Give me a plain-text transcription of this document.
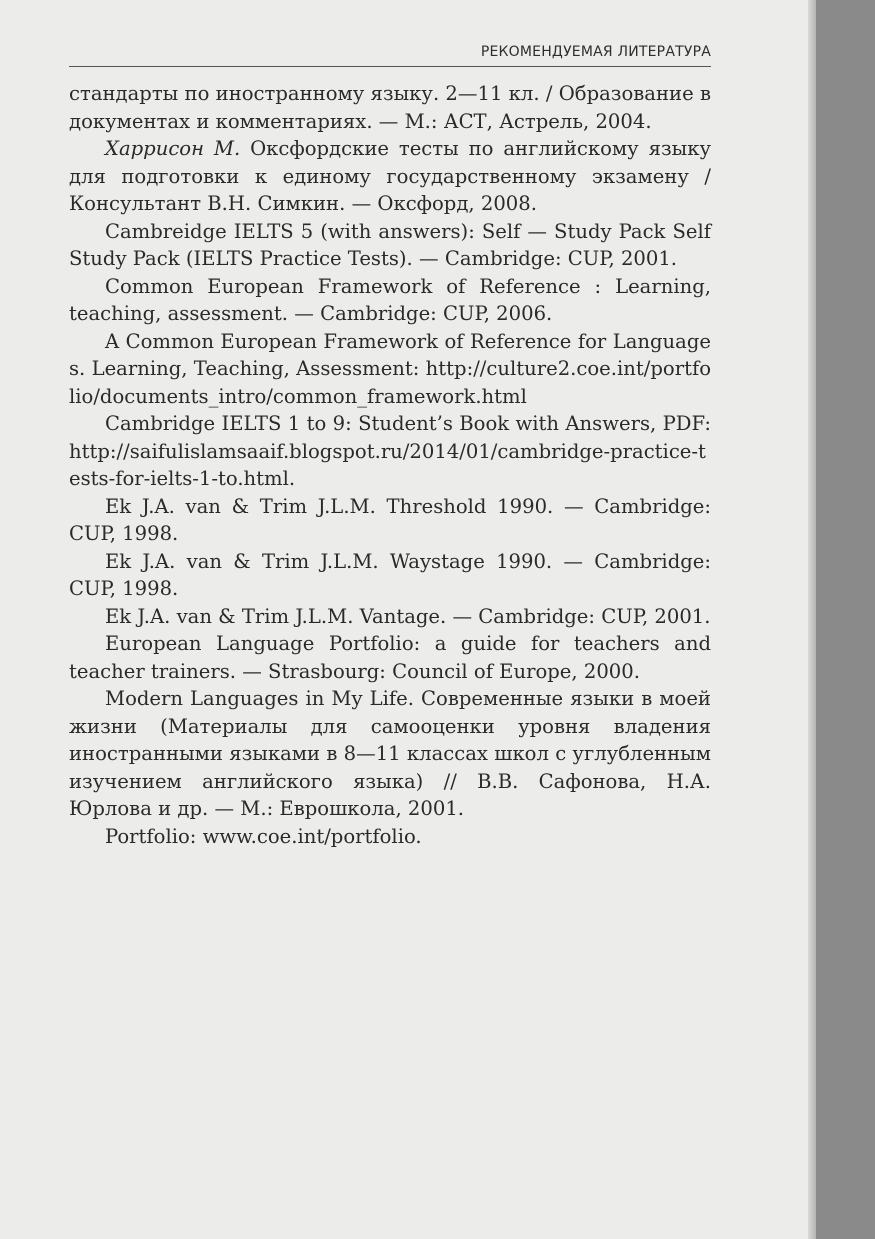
РЕКОМЕНДУЕМАЯ ЛИТЕРАТУРА

стандарты по иностранному языку. 2—11 кл. / Образование в документах и комментариях. — М.: АСТ, Астрель, 2004.

Харрисон М. Оксфордские тесты по английскому языку для подготовки к единому государственному экзамену / Консультант В.Н. Симкин. — Оксфорд, 2008.

Cambreidge IELTS 5 (with answers): Self — Study Pack Self Study Pack (IELTS Practice Tests). — Cambridge: CUP, 2001.

Common European Framework of Reference : Learning, teaching, assessment. — Cambridge: CUP, 2006.

A Common European Framework of Reference for Languages. Learning, Teaching, Assessment: http://culture2.coe.int/portfolio/documents_intro/common_framework.html

Cambridge IELTS 1 to 9: Student’s Book with Answers, PDF: http://saifulislamsaaif.blogspot.ru/2014/01/cambridge-practice-tests-for-ielts-1-to.html.

Ek J.A. van & Trim J.L.M. Threshold 1990. — Cambridge: CUP, 1998.

Ek J.A. van & Trim J.L.M. Waystage 1990. — Cambridge: CUP, 1998.

Ek J.A. van & Trim J.L.M. Vantage. — Cambridge: CUP, 2001.

European Language Portfolio: a guide for teachers and teacher trainers. — Strasbourg: Council of Europe, 2000.

Modern Languages in My Life. Современные языки в моей жизни (Материалы для самооценки уровня владения иностранными языками в 8—11 классах школ с углубленным изучением английского языка) // В.В. Сафонова, Н.А. Юрлова и др. — М.: Еврошкола, 2001.

Portfolio: www.coe.int/portfolio.
